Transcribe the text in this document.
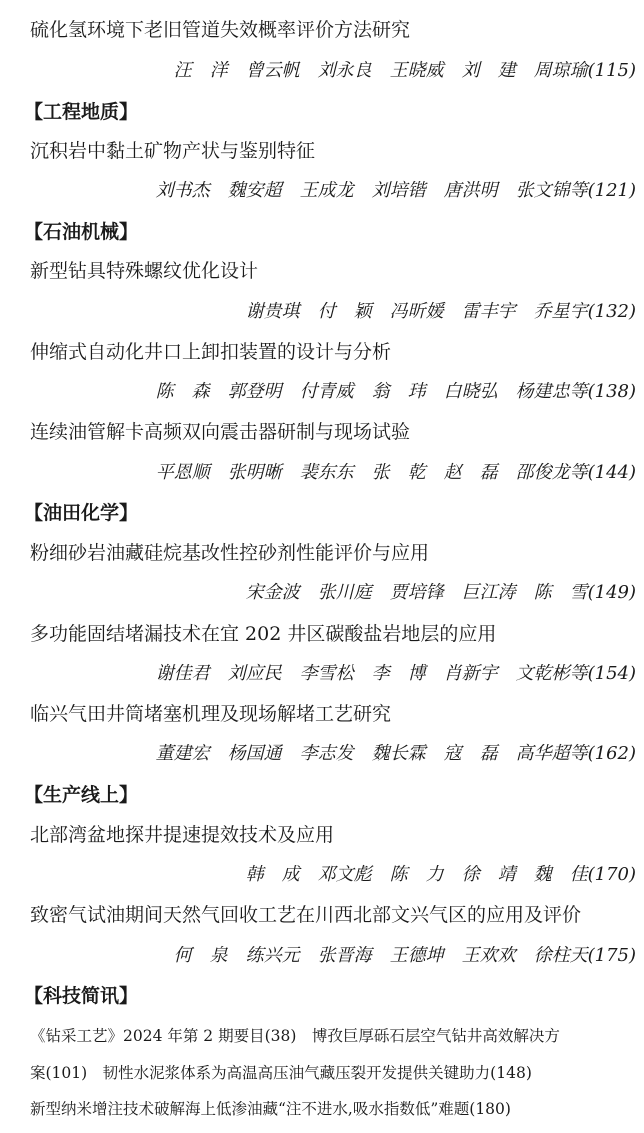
硫化氢环境下老旧管道失效概率评价方法研究
汪　洋　曾云帆　刘永良　王晓威　刘　建　周琼瑜(115)
【工程地质】
沉积岩中黏土矿物产状与鉴别特征
刘书杰　魏安超　王成龙　刘培锴　唐洪明　张文锦等(121)
【石油机械】
新型钻具特殊螺纹优化设计
谢贵琪　付　颖　冯昕媛　雷丰宇　乔星宇(132)
伸缩式自动化井口上卸扣装置的设计与分析
陈　森　郭登明　付青威　翁　玮　白晓弘　杨建忠等(138)
连续油管解卡高频双向震击器研制与现场试验
平恩顺　张明晰　裴东东　张　乾　赵　磊　邵俊龙等(144)
【油田化学】
粉细砂岩油藏硅烷基改性控砂剂性能评价与应用
宋金波　张川庭　贾培锋　巨江涛　陈　雪(149)
多功能固结堵漏技术在宜 202 井区碳酸盐岩地层的应用
谢佳君　刘应民　李雪松　李　博　肖新宇　文乾彬等(154)
临兴气田井筒堵塞机理及现场解堵工艺研究
董建宏　杨国通　李志发　魏长霖　寇　磊　高华超等(162)
【生产线上】
北部湾盆地探井提速提效技术及应用
韩　成　邓文彪　陈　力　徐　靖　魏　佳(170)
致密气试油期间天然气回收工艺在川西北部文兴气区的应用及评价
何　泉　练兴元　张晋海　王德坤　王欢欢　徐柱天(175)
【科技简讯】
《钻采工艺》2024 年第 2 期要目(38)　博孜巨厚砾石层空气钻井高效解决方
案(101)　韧性水泥浆体系为高温高压油气藏压裂开发提供关键助力(148)
新型纳米增注技术破解海上低渗油藏“注不进水,吸水指数低”难题(180)
